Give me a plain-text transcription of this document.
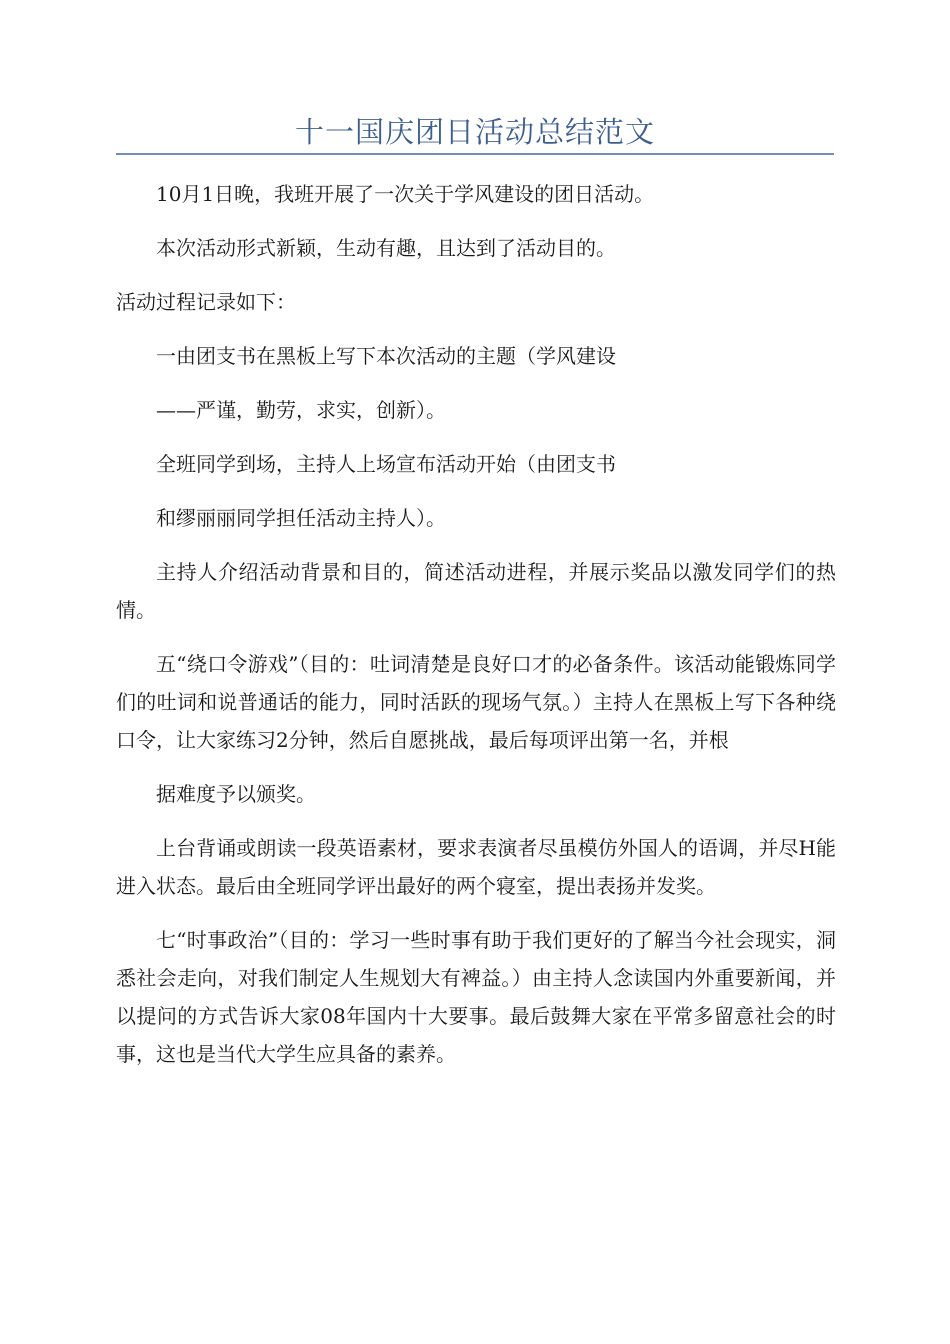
十一国庆团日活动总结范文

10月1日晚，我班开展了一次关于学风建设的团日活动。

本次活动形式新颖，生动有趣，且达到了活动目的。

活动过程记录如下：

一由团支书在黑板上写下本次活动的主题（学风建设

——严谨，勤劳，求实，创新）。

全班同学到场，主持人上场宣布活动开始（由团支书

和缪丽丽同学担任活动主持人）。

主持人介绍活动背景和目的，简述活动进程，并展示奖品以激发同学们的热情。

五“绕口令游戏”（目的：吐词清楚是良好口才的必备条件。该活动能锻炼同学们的吐词和说普通话的能力，同时活跃的现场气氛。）主持人在黑板上写下各种绕口令，让大家练习2分钟，然后自愿挑战，最后每项评出第一名，并根

据难度予以颁奖。

上台背诵或朗读一段英语素材，要求表演者尽虽模仿外国人的语调，并尽H能进入状态。最后由全班同学评出最好的两个寝室，提出表扬并发奖。

七“时事政治”（目的：学习一些时事有助于我们更好的了解当今社会现实，洞悉社会走向，对我们制定人生规划大有裨益。）由主持人念读国内外重要新闻，并以提问的方式告诉大家08年国内十大要事。最后鼓舞大家在平常多留意社会的时事，这也是当代大学生应具备的素养。
